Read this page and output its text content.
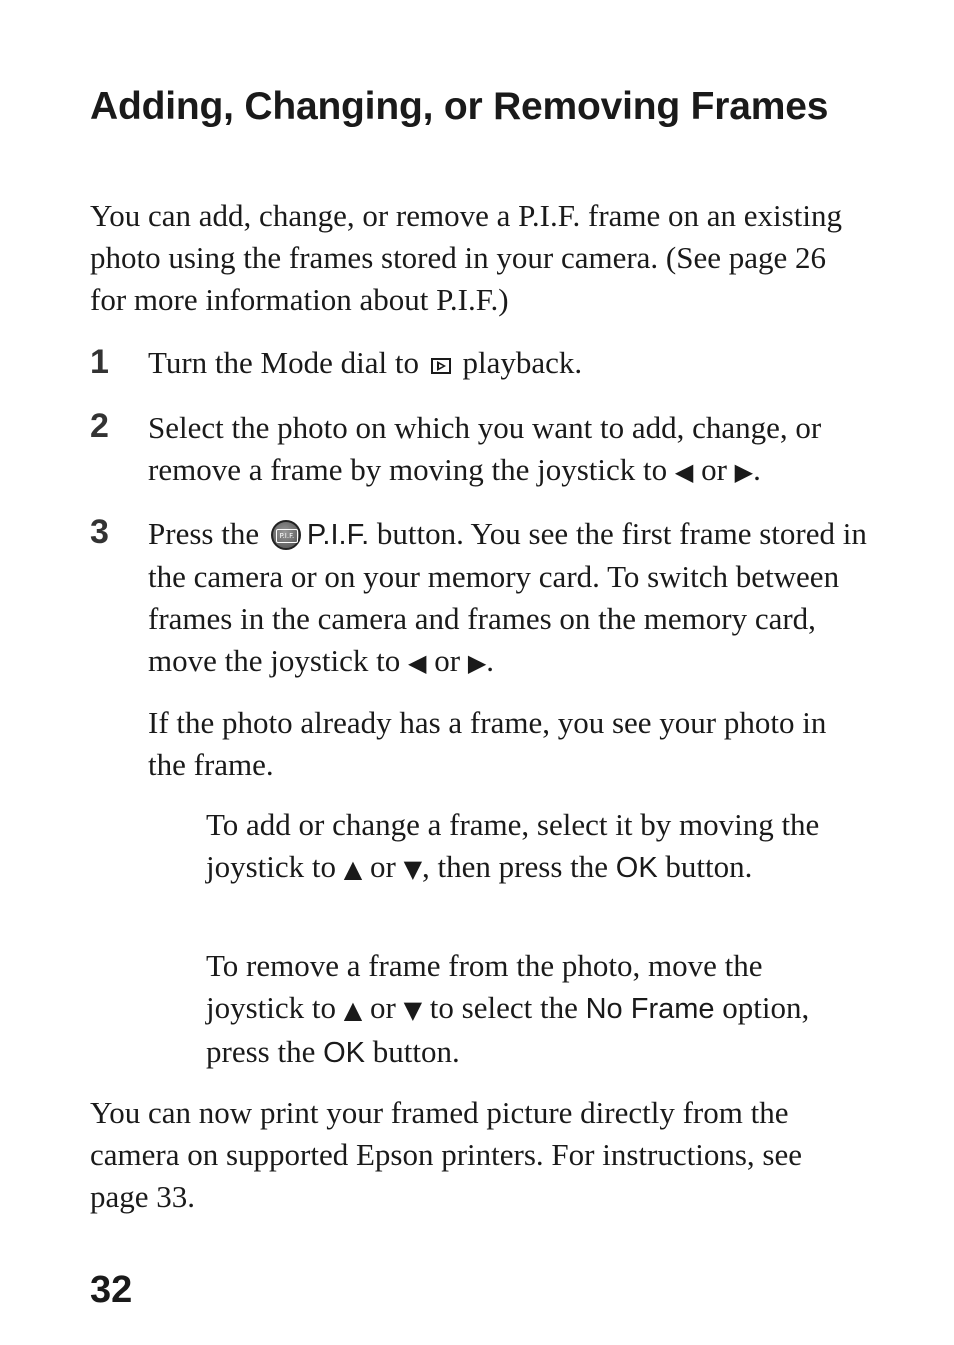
Adding, Changing, or Removing Frames

You can add, change, or remove a P.I.F. frame on an existing photo using the frames stored in your camera. (See page 26 for more information about P.I.F.)

1 Turn the Mode dial to playback.

2 Select the photo on which you want to add, change, or remove a frame by moving the joystick to ◀ or ▶.

3 Press the	P.I.F. P.I.F. button. You see the first frame stored in the camera or on your memory card. To switch between frames in the camera and frames on the memory card, move the joystick to ◀ or ▶.

If the photo already has a frame, you see your photo in the frame.

To add or change a frame, select it by moving the joystick to ▲ or ▼, then press the OK button.

To remove a frame from the photo, move the joystick to ▲ or ▼ to select the No Frame option, press the OK button.

You can now print your framed picture directly from the camera on supported Epson printers. For instructions, see page 33.

32
